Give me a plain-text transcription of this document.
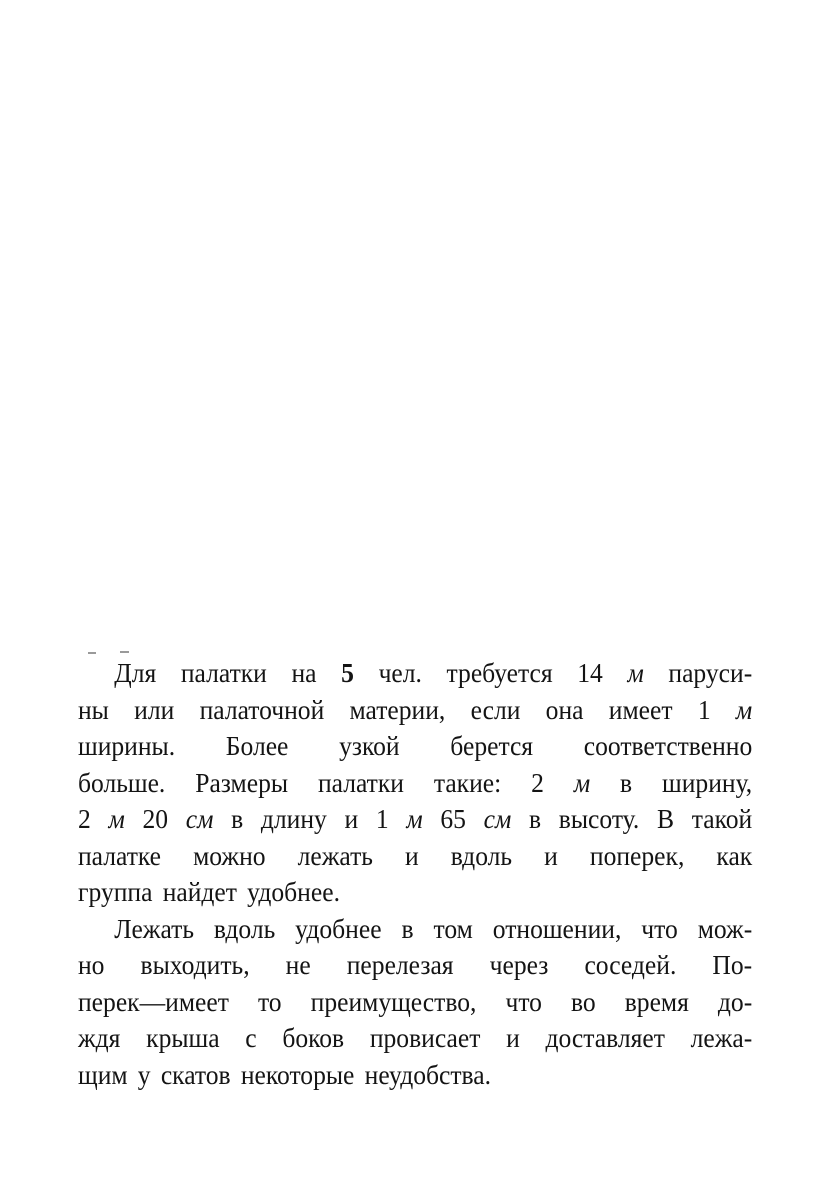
Для палатки на 5 чел. требуется 14 м паруси-
ны или палаточной материи, если она имеет 1 м
ширины. Более узкой берется соответственно
больше. Размеры палатки такие: 2 м в ширину,
2 м 20 см в длину и 1 м 65 см в высоту. В такой
палатке можно лежать и вдоль и поперек, как
группа найдет удобнее.
Лежать вдоль удобнее в том отношении, что мож-
но выходить, не перелезая через соседей. По-
перек—имеет то преимущество, что во время до-
ждя крыша с боков провисает и доставляет лежа-
щим у скатов некоторые неудобства.
